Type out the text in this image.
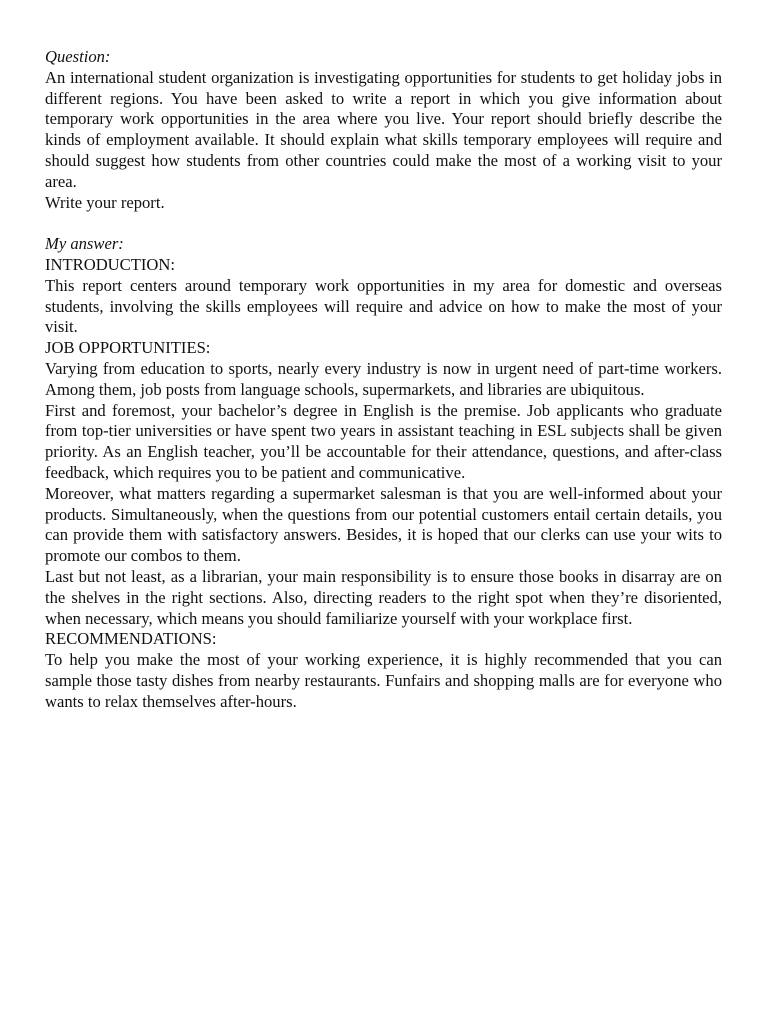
Question:

An international student organization is investigating opportunities for students to get holiday jobs in different regions. You have been asked to write a report in which you give information about temporary work opportunities in the area where you live. Your report should briefly describe the kinds of employment available. It should explain what skills temporary employees will require and should suggest how students from other countries could make the most of a working visit to your area.

Write your report.

My answer:

INTRODUCTION:

This report centers around temporary work opportunities in my area for domestic and overseas students, involving the skills employees will require and advice on how to make the most of your visit.

JOB OPPORTUNITIES:

Varying from education to sports, nearly every industry is now in urgent need of part-time workers. Among them, job posts from language schools, supermarkets, and libraries are ubiquitous.

First and foremost, your bachelor’s degree in English is the premise. Job applicants who graduate from top-tier universities or have spent two years in assistant teaching in ESL subjects shall be given priority. As an English teacher, you’ll be accountable for their attendance, questions, and after-class feedback, which requires you to be patient and communicative.

Moreover, what matters regarding a supermarket salesman is that you are well-informed about your products. Simultaneously, when the questions from our potential customers entail certain details, you can provide them with satisfactory answers. Besides, it is hoped that our clerks can use your wits to promote our combos to them.

Last but not least, as a librarian, your main responsibility is to ensure those books in disarray are on the shelves in the right sections. Also, directing readers to the right spot when they’re disoriented, when necessary, which means you should familiarize yourself with your workplace first.

RECOMMENDATIONS:

To help you make the most of your working experience, it is highly recommended that you can sample those tasty dishes from nearby restaurants. Funfairs and shopping malls are for everyone who wants to relax themselves after-hours.
